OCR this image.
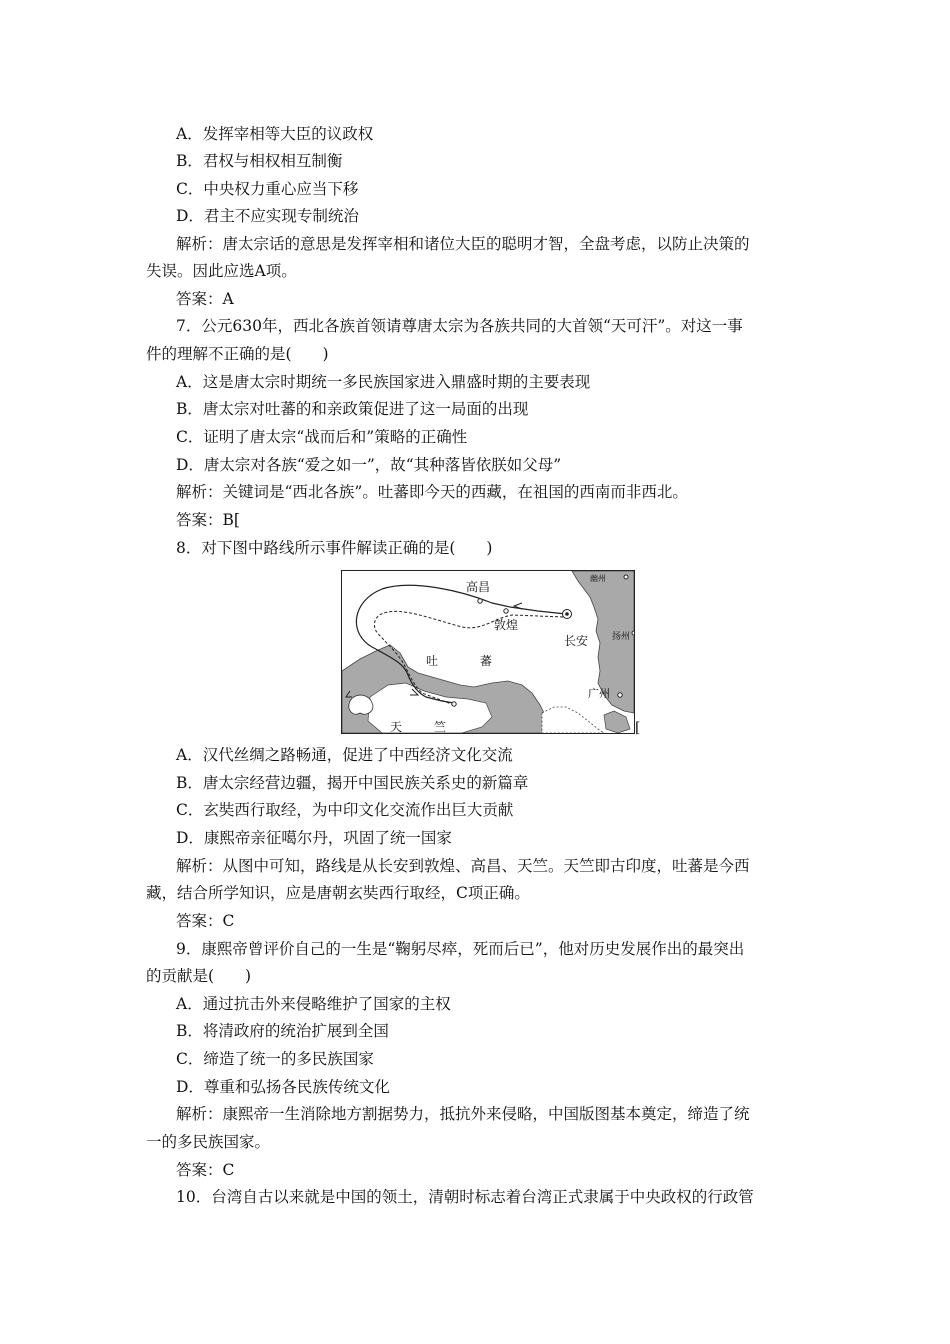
A．发挥宰相等大臣的议政权
B．君权与相权相互制衡
C．中央权力重心应当下移
D．君主不应实现专制统治
解析：唐太宗话的意思是发挥宰相和诸位大臣的聪明才智，全盘考虑，以防止决策的
失误。因此应选A项。
答案：A
7．公元630年，西北各族首领请尊唐太宗为各族共同的大首领“天可汗”。对这一事
件的理解不正确的是(　　)
A．这是唐太宗时期统一多民族国家进入鼎盛时期的主要表现
B．唐太宗对吐蕃的和亲政策促进了这一局面的出现
C．证明了唐太宗“战而后和”策略的正确性
D．唐太宗对各族“爱之如一”，故“其种落皆依朕如父母”
解析：关键词是“西北各族”。吐蕃即今天的西藏，在祖国的西南而非西北。
答案：B[
8．对下图中路线所示事件解读正确的是(　　)
A．汉代丝绸之路畅通，促进了中西经济文化交流
B．唐太宗经营边疆，揭开中国民族关系史的新篇章
C．玄奘西行取经，为中印文化交流作出巨大贡献
D．康熙帝亲征噶尔丹，巩固了统一国家
解析：从图中可知，路线是从长安到敦煌、高昌、天竺。天竺即古印度，吐蕃是今西
藏，结合所学知识，应是唐朝玄奘西行取经，C项正确。
答案：C
9．康熙帝曾评价自己的一生是“鞠躬尽瘁，死而后已”，他对历史发展作出的最突出
的贡献是(　　)
A．通过抗击外来侵略维护了国家的主权
B．将清政府的统治扩展到全国
C．缔造了统一的多民族国家
D．尊重和弘扬各民族传统文化
解析：康熙帝一生消除地方割据势力，抵抗外来侵略，中国版图基本奠定，缔造了统
一的多民族国家。
答案：C
10．台湾自古以来就是中国的领土，清朝时标志着台湾正式隶属于中央政权的行政管
高昌
幽州
敦煌
长安	扬州
吐	蕃
广州
天	竺	[
